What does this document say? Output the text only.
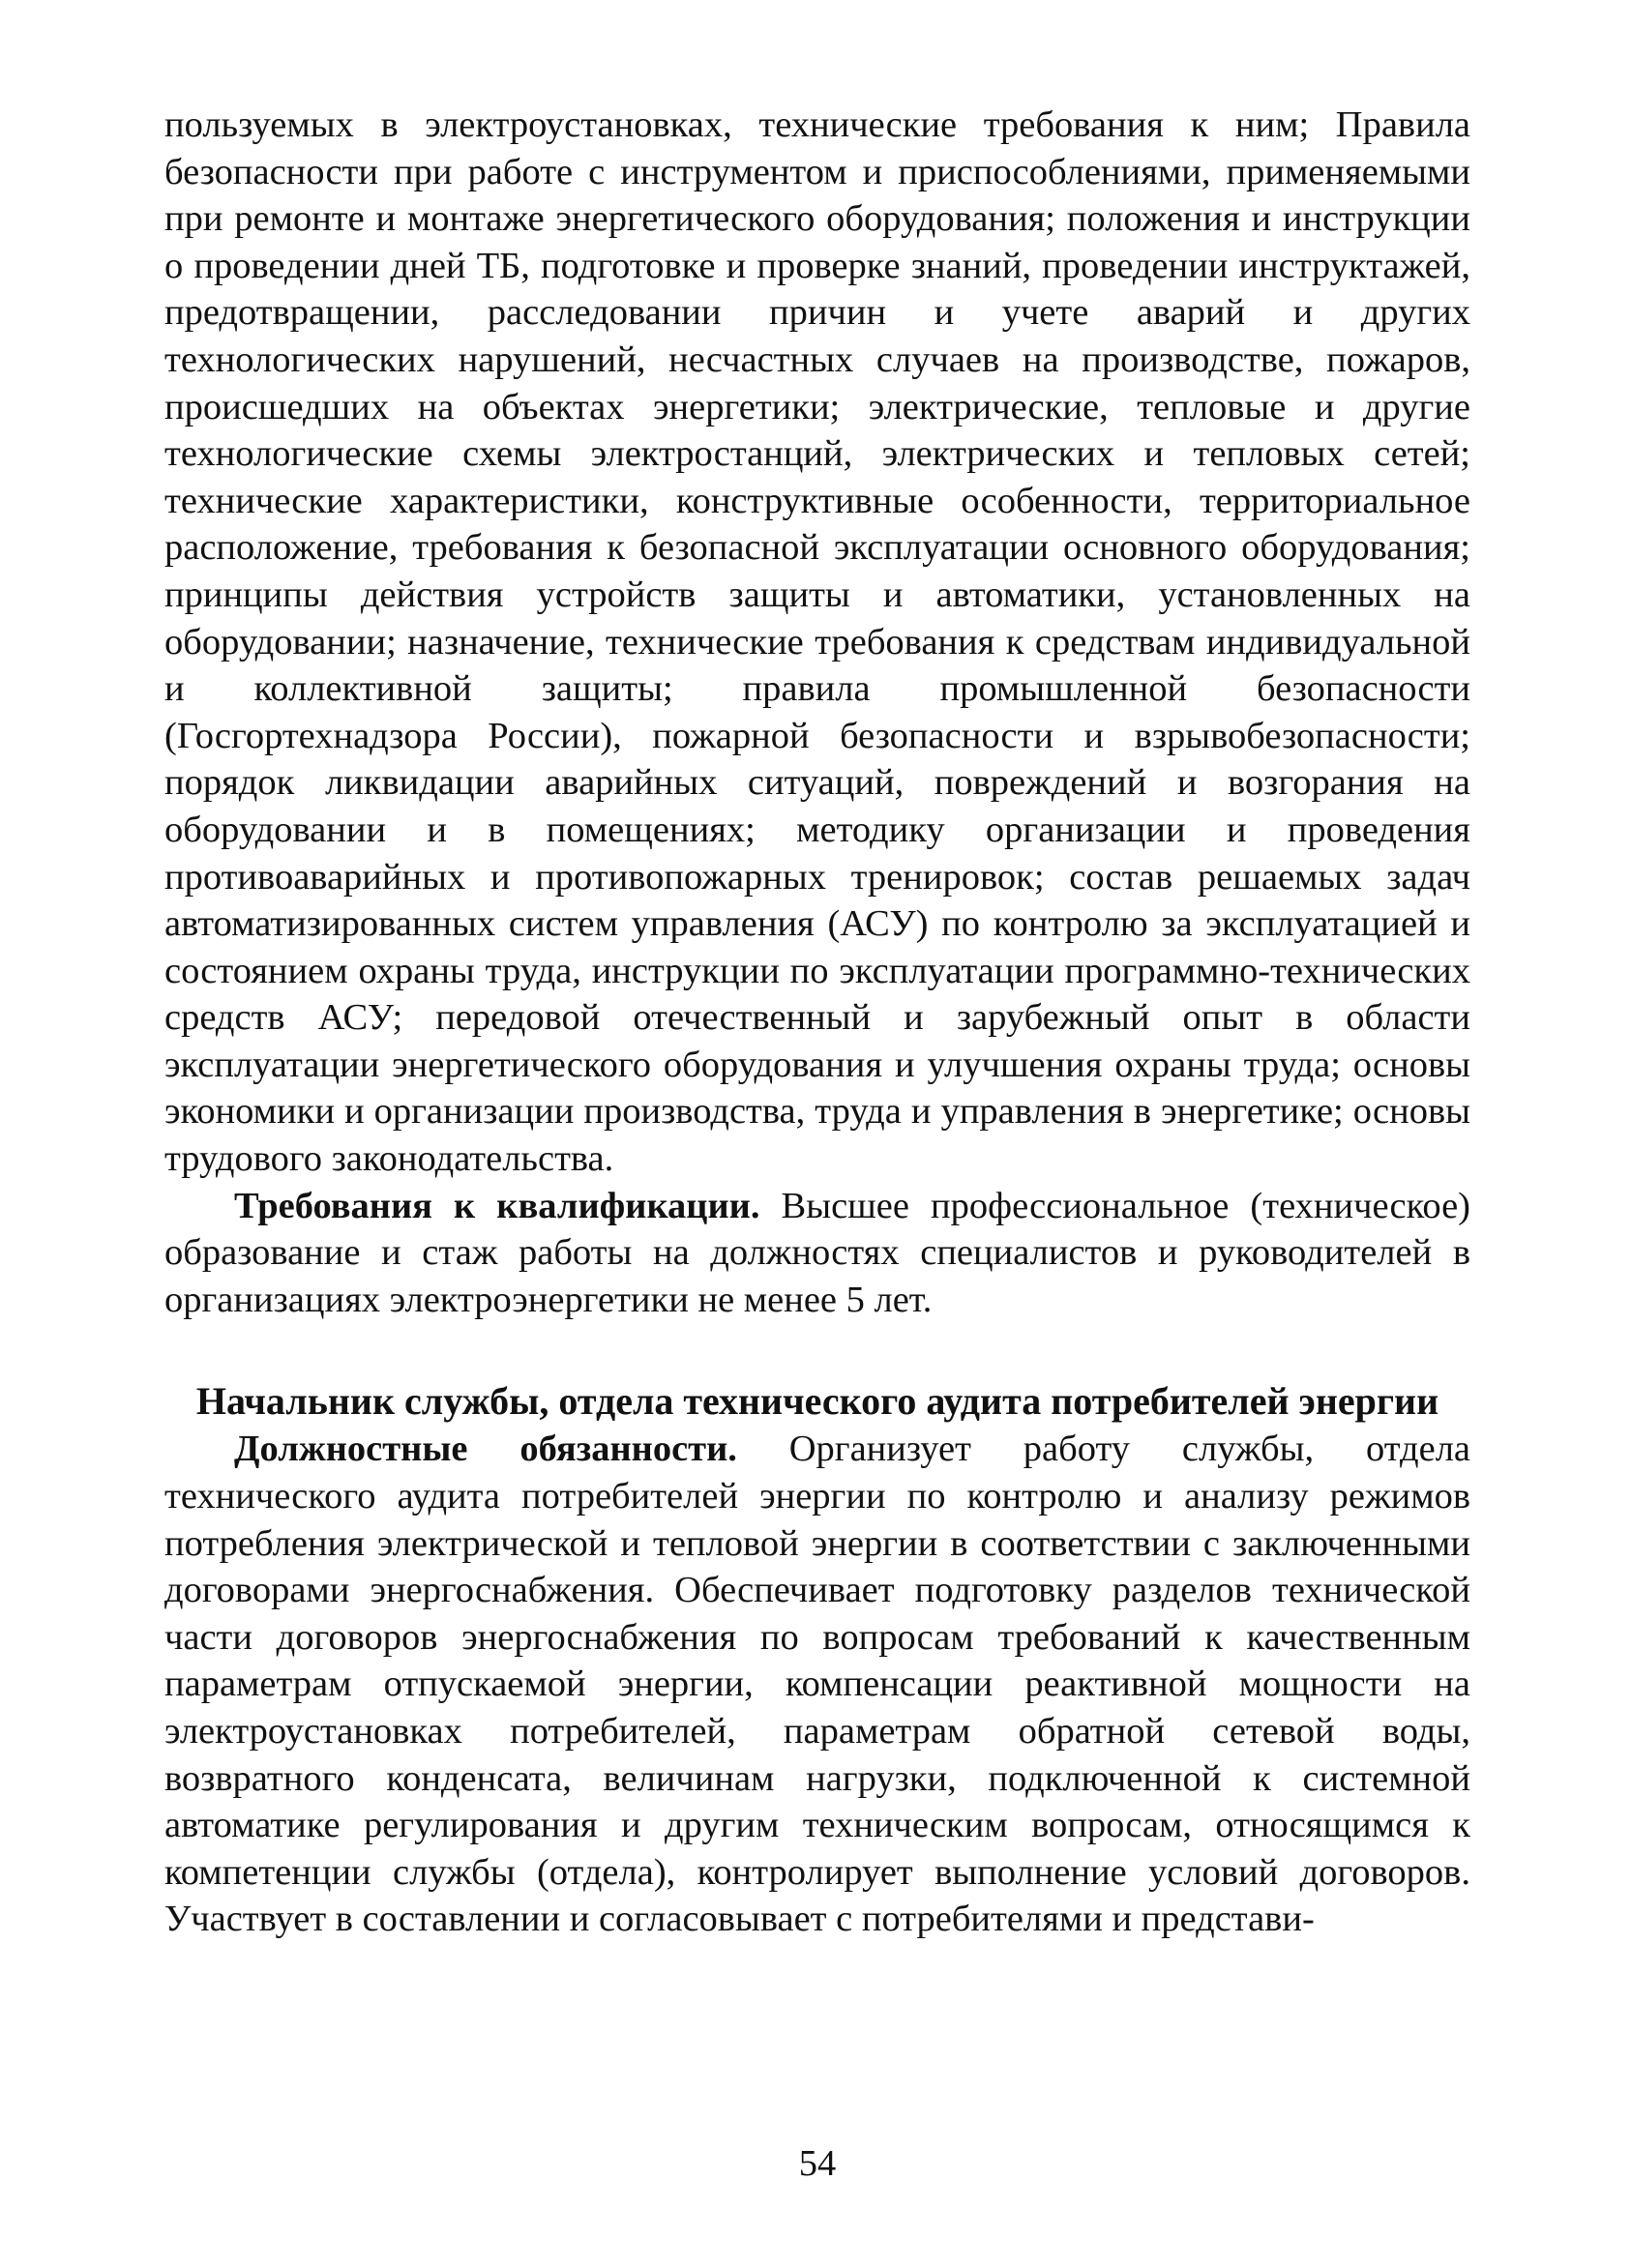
пользуемых в электроустановках, технические требования к ним; Правила безопасности при работе с инструментом и приспособлениями, применяемыми при ремонте и монтаже энергетического оборудования; положения и инструкции о проведении дней ТБ, подготовке и проверке знаний, проведении инструктажей, предотвращении, расследовании причин и учете аварий и других технологических нарушений, несчастных случаев на производстве, пожаров, происшедших на объектах энергетики; электрические, тепловые и другие технологические схемы электростанций, электрических и тепловых сетей; технические характеристики, конструктивные особенности, территориальное расположение, требования к безопасной эксплуатации основного оборудования; принципы действия устройств защиты и автоматики, установленных на оборудовании; назначение, технические требования к средствам индивидуальной и коллективной защиты; правила промышленной безопасности (Госгортехнадзора России), пожарной безопасности и взрывобезопасности; порядок ликвидации аварийных ситуаций, повреждений и возгорания на оборудовании и в помещениях; методику организации и проведения противоаварийных и противопожарных тренировок; состав решаемых задач автоматизированных систем управления (АСУ) по контролю за эксплуатацией и состоянием охраны труда, инструкции по эксплуатации программно-технических средств АСУ; передовой отечественный и зарубежный опыт в области эксплуатации энергетического оборудования и улучшения охраны труда; основы экономики и организации производства, труда и управления в энергетике; основы трудового законодательства.

Требования к квалификации. Высшее профессиональное (техническое) образование и стаж работы на должностях специалистов и руководителей в организациях электроэнергетики не менее 5 лет.

Начальник службы, отдела технического аудита потребителей энергии

Должностные обязанности. Организует работу службы, отдела технического аудита потребителей энергии по контролю и анализу режимов потребления электрической и тепловой энергии в соответствии с заключенными договорами энергоснабжения. Обеспечивает подготовку разделов технической части договоров энергоснабжения по вопросам требований к качественным параметрам отпускаемой энергии, компенсации реактивной мощности на электроустановках потребителей, параметрам обратной сетевой воды, возвратного конденсата, величинам нагрузки, подключенной к системной автоматике регулирования и другим техническим вопросам, относящимся к компетенции службы (отдела), контролирует выполнение условий договоров. Участвует в составлении и согласовывает с потребителями и представи-

54
